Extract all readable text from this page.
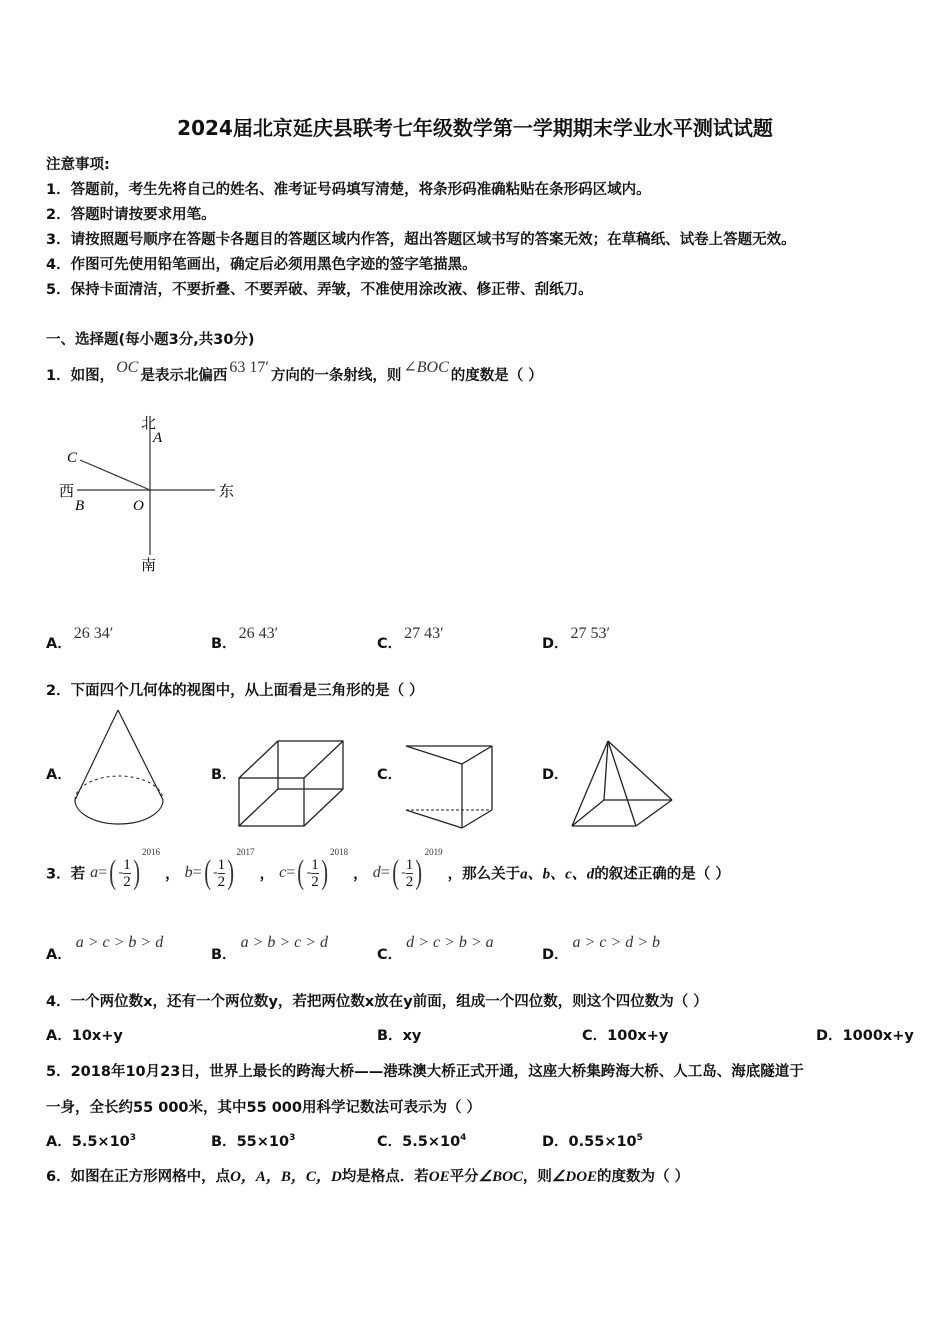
2024届北京延庆县联考七年级数学第一学期期末学业水平测试试题
注意事项:
1．答题前，考生先将自己的姓名、准考证号码填写清楚，将条形码准确粘贴在条形码区域内。
2．答题时请按要求用笔。
3．请按照题号顺序在答题卡各题目的答题区域内作答，超出答题区域书写的答案无效；在草稿纸、试卷上答题无效。
4．作图可先使用铅笔画出，确定后必须用黑色字迹的签字笔描黑。
5．保持卡面清洁，不要折叠、不要弄破、弄皱，不准使用涂改液、修正带、刮纸刀。
一、选择题(每小题3分,共30分)
1．如图， OC 是表示北偏西 63 17′ 方向的一条射线，则 ∠BOC 的度数是（ ）
北
A
C
西
B	O
东
南
A．26 34′
B．26 43′
C．27 43′
D．27 53′
2．下面四个几何体的视图中，从上面看是三角形的是（ ）
A．	B．	C．	D．
3．若 $a=( - \frac{1}{2} )^{2016}$ ， $b=( - \frac{1}{2} )^{2017}$ ， $c=( - \frac{1}{2} )^{2018}$ ， $d=( - \frac{1}{2} )^{2019}$ ，那么关于a、b、c、d的叙述正确的是（ ）
A．a > c > b > d
B．a > b > c > d
C．d > c > b > a
D．a > c > d > b
4．一个两位数x，还有一个两位数y，若把两位数x放在y前面，组成一个四位数，则这个四位数为（ ）
A．10x+y	B．xy	C．100x+y	D．1000x+y
5．2018年10月23日，世界上最长的跨海大桥——港珠澳大桥正式开通，这座大桥集跨海大桥、人工岛、海底隧道于
一身，全长约55 000米，其中55 000用科学记数法可表示为（ ）
A．$5.5\times 10^3$	B．$55\times 10^3$	C．$5.5\times 10^4$	D．$0.55\times 10^5$
6．如图在正方形网格中，点O，A，B，C，D均是格点．若OE平分∠BOC，则∠DOE的度数为（ ）
